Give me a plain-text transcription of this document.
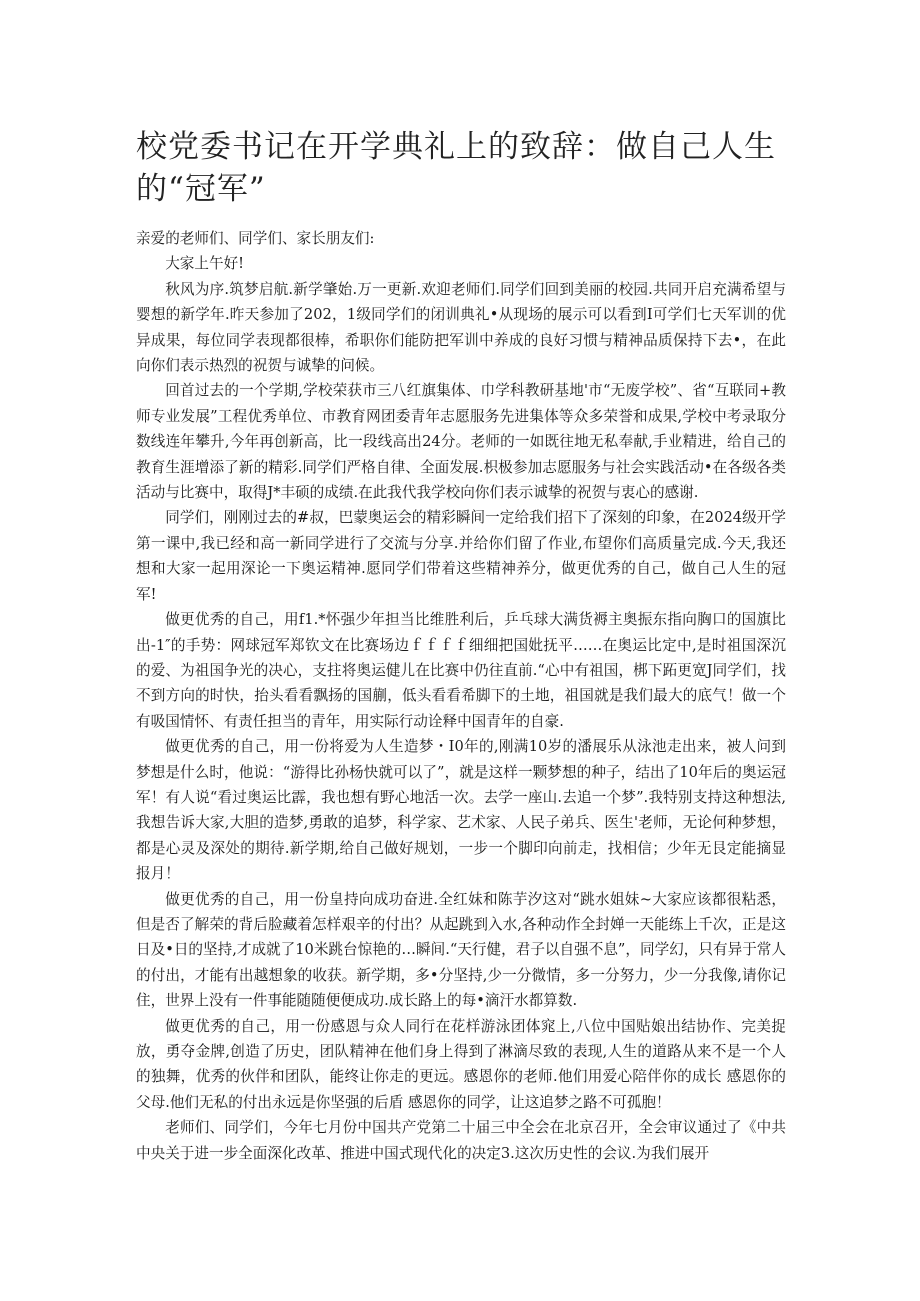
校党委书记在开学典礼上的致辞：做自己人生的“冠军”

亲爱的老师们、同学们、家长朋友们:

大家上午好!

秋风为序.筑梦启航.新学肇始.万一更新.欢迎老师们.同学们回到美丽的校园.共同开启充满希望与婴想的新学年.昨天参加了202，1级同学们的闭训典礼•从现场的展示可以看到I可学们七天军训的优异成果，每位同学表现都很棒，希职你们能防把军训中养成的良好习惯与精神品质保持下去•，在此向你们表示热烈的祝贺与诚挚的问候。

回首过去的一个学期,学校荣获市三八红旗集体、巾学科教研基地'市“无废学校”、省“互联同+教师专业发展”工程优秀单位、市教育网团委青年志愿服务先进集体等众多荣誉和成果,学校中考录取分数线连年攀升,今年再创新高，比一段线高出24分。老师的一如既往地无私奉献,手业精进，给自己的教育生涯增添了新的精彩.同学们严格自律、全面发展.枳极参加志愿服务与社会实践活动•在各级各类活动与比赛中，取得J*丰硕的成绩.在此我代我学校向你们表示诚挚的祝贺与衷心的感谢.

同学们，刚刚过去的#叔，巴蒙奥运会的精彩瞬间一定给我们招下了深刻的印象，在2024级开学第一课中,我已经和高一新同学进行了交流与分享.并给你们留了作业,布望你们高质量完成.今天,我还想和大家一起用深论一下奥运精神.愿同学们带着这些精神养分，做更优秀的自己，做自己人生的冠军!

做更优秀的自己，用f1.*怀强少年担当比维胜利后，乒乓球大满货褥主奥振东指向胸口的国旗比出-1″的手势：网球冠军郑钦文在比赛场边ｆｆｆｆ细细把国妣抚平……在奥运比定中,是时祖国深沉的爱、为祖国争光的决心，支拄将奥运健儿在比赛中仍往直前.“心中有祖国，梆下跖更宽J同学们，找不到方向的时快，抬头看看飘扬的国蒯，低头看看希脚下的土地，祖国就是我们最大的底气！做一个有吸国情怀、有责任担当的青年，用实际行动诠释中国青年的自豪.

做更优秀的自己，用一份将爱为人生造梦・I0年的,刚满10岁的潘展乐从泳池走出来，被人问到梦想是什么时，他说：“游得比孙杨快就可以了”，就是这样一颗梦想的种子，结出了10年后的奥运冠军！有人说“看过奥运比霹，我也想有野心地活一次。去学一座山.去追一个梦”.我特别支持这种想法,我想告诉大家,大胆的造梦,勇敢的追梦，科学家、艺术家、人民子弟兵、医生'老师，无论何种梦想，都是心灵及深处的期待.新学期,给自己做好规划，一步一个脚印向前走，找相信；少年无艮定能摘显报月！

做更优秀的自己，用一份皇持向成功奋进.全红妹和陈芋汐这对“跳水姐妹~大家应该都很粘悉，但是否了解荣的背后脸藏着怎样艰辛的付出？从起跳到入水,各种动作全封婵一天能练上千次，正是这日及•日的坚持,才成就了10米跳台惊艳的…瞬间.“天行健，君子以自强不息”，同学幻，只有异于常人的付出，才能有出越想象的收获。新学期，多•分坚持,少一分微情，多一分努力，少一分我像,请你记住，世界上没有一件事能随随便便成功.成长路上的每•滴汗水都算数.

做更优秀的自己，用一份感恩与众人同行在花样游泳团体窕上,八位中国贴娘出结协作、完美捉放，勇夺金牌,创造了历史，团队精神在他们身上得到了淋滴尽致的表现,人生的道路从来不是一个人的独舞，优秀的伙伴和团队，能终让你走的更远。感恩你的老师.他们用爱心陪伴你的成长 感恩你的父母.他们无私的付出永远是你坚强的后盾 感恩你的同学，让这追梦之路不可孤胞！

老师们、同学们，今年七月份中国共产党第二十届三中全会在北京召开，全会审议通过了《中共中央关于进一步全面深化改革、推进中国式现代化的决定3.这次历史性的会议.为我们展开
